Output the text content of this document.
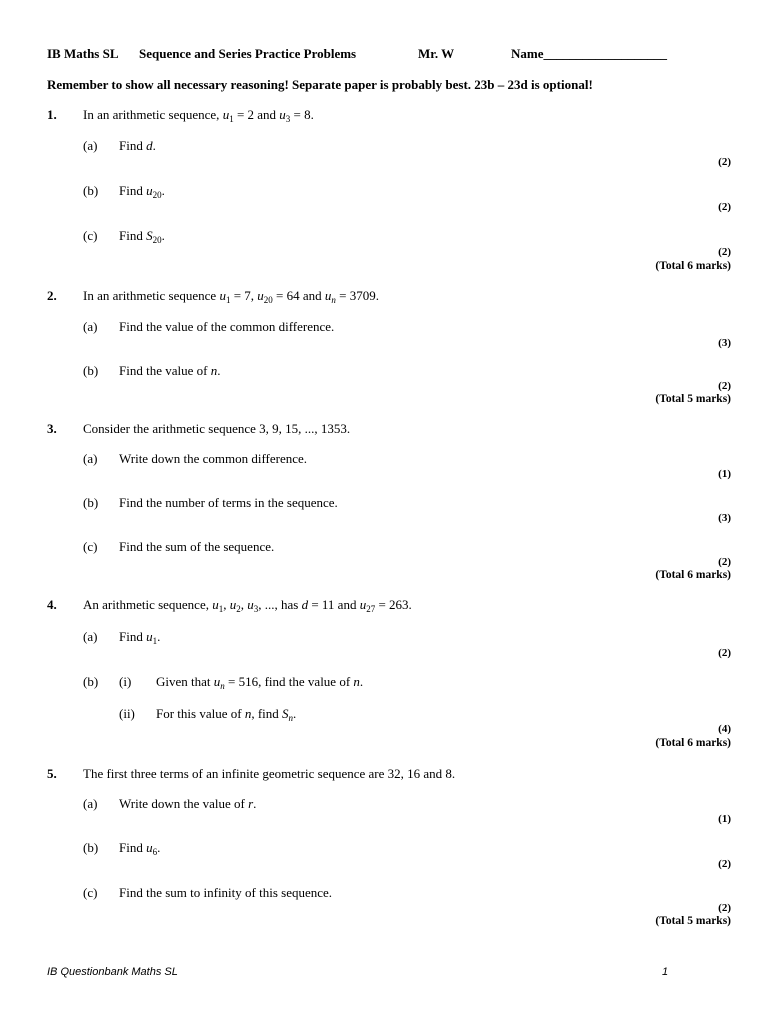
IB Maths SL Sequence and Series Practice Problems	Mr. W	Name___________________
Remember to show all necessary reasoning! Separate paper is probably best. 23b – 23d is optional!
1. In an arithmetic sequence, $u_1 = 2$ and $u_3 = 8$.
(a) Find d.
(2)
(b) Find $u_{20}$.
(2)
(c) Find $S_{20}$.
(2)
(Total 6 marks)
2. In an arithmetic sequence $u_1 = 7$, $u_{20} = 64$ and $u_n = 3709$.
(a) Find the value of the common difference.
(3)
(b) Find the value of n.
(2)
(Total 5 marks)
3. Consider the arithmetic sequence 3, 9, 15, ..., 1353.
(a) Write down the common difference.
(1)
(b) Find the number of terms in the sequence.
(3)
(c) Find the sum of the sequence.
(2)
(Total 6 marks)
4. An arithmetic sequence, $u_1$, $u_2$, $u_3$, ..., has d = 11 and $u_{27} = 263$.
(a) Find $u_1$.
(2)
(b) (i) Given that $u_n = 516$, find the value of n.
(ii) For this value of n, find $S_n$.
(4)
(Total 6 marks)
5. The first three terms of an infinite geometric sequence are 32, 16 and 8.
(a) Write down the value of r.
(1)
(b) Find $u_6$.
(2)
(c) Find the sum to infinity of this sequence.
(2)
(Total 5 marks)
IB Questionbank Maths SL	1
